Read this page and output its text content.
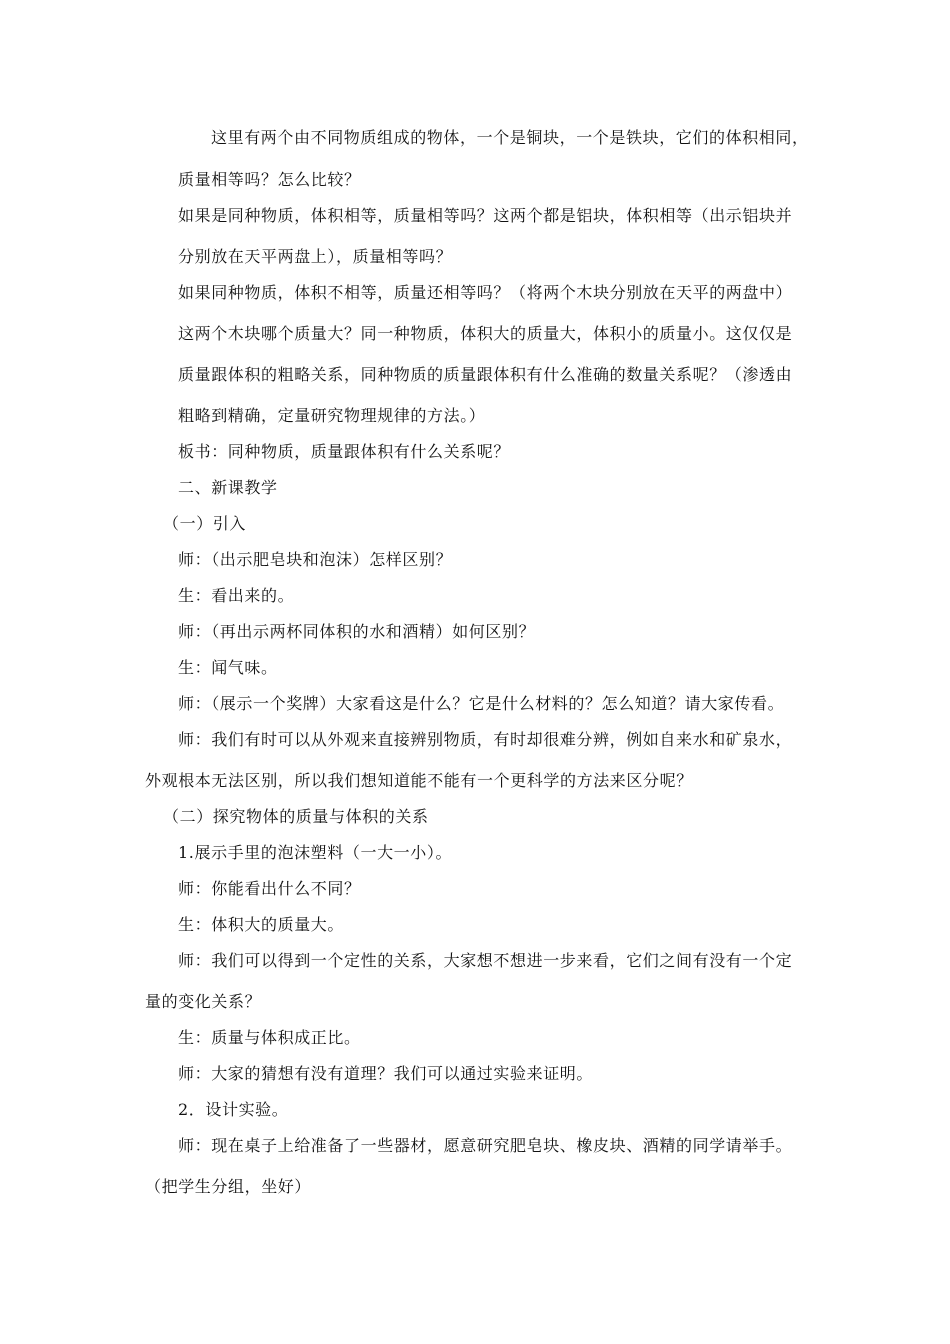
这里有两个由不同物质组成的物体，一个是铜块，一个是铁块，它们的体积相同，
质量相等吗？怎么比较？
如果是同种物质，体积相等，质量相等吗？这两个都是铝块，体积相等（出示铝块并
分别放在天平两盘上），质量相等吗？
如果同种物质，体积不相等，质量还相等吗？（将两个木块分别放在天平的两盘中）
这两个木块哪个质量大？同一种物质，体积大的质量大，体积小的质量小。这仅仅是
质量跟体积的粗略关系，同种物质的质量跟体积有什么准确的数量关系呢？（渗透由
粗略到精确，定量研究物理规律的方法。）
板书：同种物质，质量跟体积有什么关系呢？
二、新课教学
（一）引入
师：（出示肥皂块和泡沫）怎样区别？
生：看出来的。
师：（再出示两杯同体积的水和酒精）如何区别？
生：闻气味。
师：（展示一个奖牌）大家看这是什么？它是什么材料的？怎么知道？请大家传看。
师：我们有时可以从外观来直接辨别物质，有时却很难分辨，例如自来水和矿泉水，
外观根本无法区别，所以我们想知道能不能有一个更科学的方法来区分呢？
（二）探究物体的质量与体积的关系
1.展示手里的泡沫塑料（一大一小）。
师：你能看出什么不同？
生：体积大的质量大。
师：我们可以得到一个定性的关系，大家想不想进一步来看，它们之间有没有一个定
量的变化关系？
生：质量与体积成正比。
师：大家的猜想有没有道理？我们可以通过实验来证明。
2．设计实验。
师：现在桌子上给准备了一些器材，愿意研究肥皂块、橡皮块、酒精的同学请举手。
（把学生分组，坐好）
